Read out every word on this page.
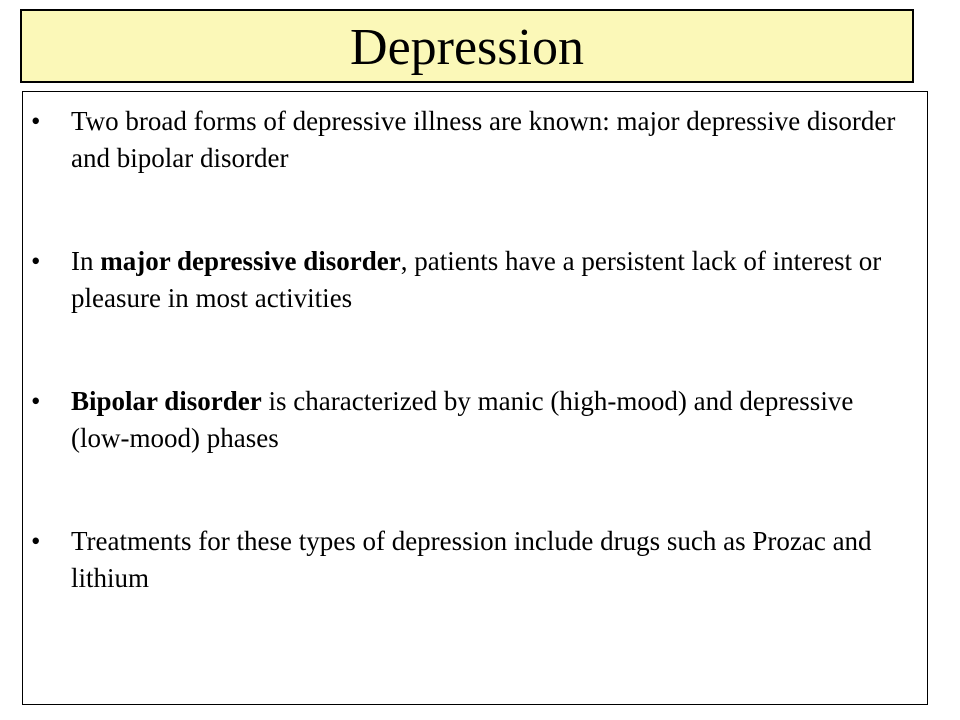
Depression
•	Two broad forms of depressive illness are known: major depressive disorder and bipolar disorder
•	In major depressive disorder, patients have a persistent lack of interest or pleasure in most activities
•	Bipolar disorder is characterized by manic (high-mood) and depressive (low-mood) phases
•	Treatments for these types of depression include drugs such as Prozac and lithium
